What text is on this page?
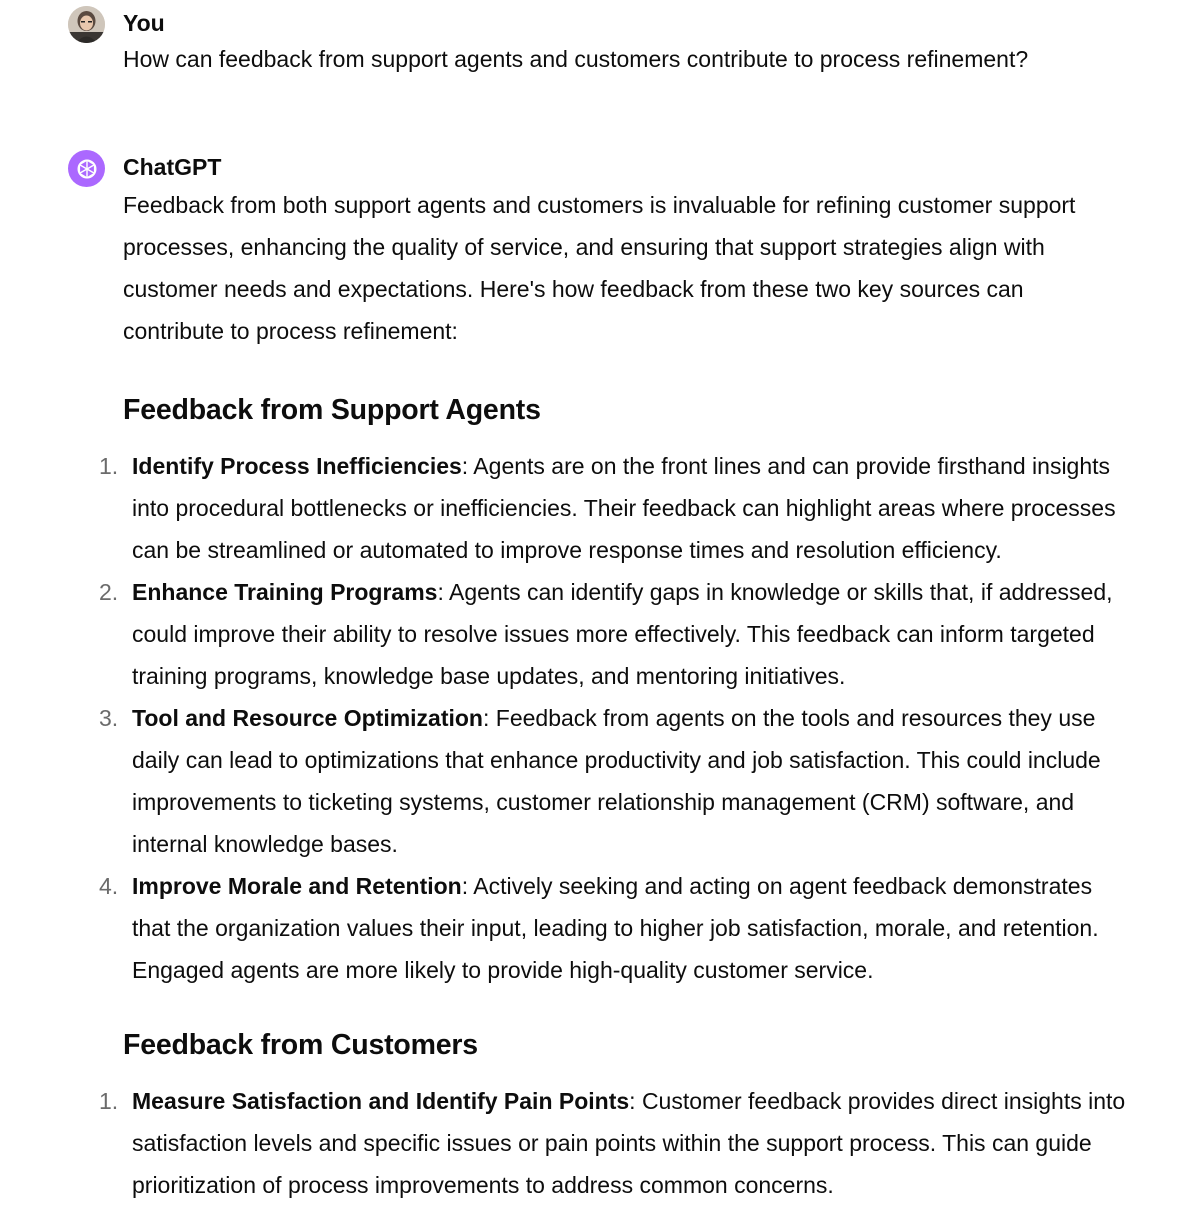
You
How can feedback from support agents and customers contribute to process refinement?
ChatGPT

Feedback from both support agents and customers is invaluable for refining customer support
processes, enhancing the quality of service, and ensuring that support strategies align with
customer needs and expectations. Here's how feedback from these two key sources can
contribute to process refinement:

Feedback from Support Agents
1. Identify Process Inefficiencies: Agents are on the front lines and can provide firsthand insights
into procedural bottlenecks or inefficiencies. Their feedback can highlight areas where processes
can be streamlined or automated to improve response times and resolution efficiency.
2. Enhance Training Programs: Agents can identify gaps in knowledge or skills that, if addressed,
could improve their ability to resolve issues more effectively. This feedback can inform targeted
training programs, knowledge base updates, and mentoring initiatives.
3. Tool and Resource Optimization: Feedback from agents on the tools and resources they use
daily can lead to optimizations that enhance productivity and job satisfaction. This could include
improvements to ticketing systems, customer relationship management (CRM) software, and
internal knowledge bases.
4. Improve Morale and Retention: Actively seeking and acting on agent feedback demonstrates
that the organization values their input, leading to higher job satisfaction, morale, and retention.
Engaged agents are more likely to provide high-quality customer service.
Feedback from Customers
1. Measure Satisfaction and Identify Pain Points: Customer feedback provides direct insights into
satisfaction levels and specific issues or pain points within the support process. This can guide
prioritization of process improvements to address common concerns.
